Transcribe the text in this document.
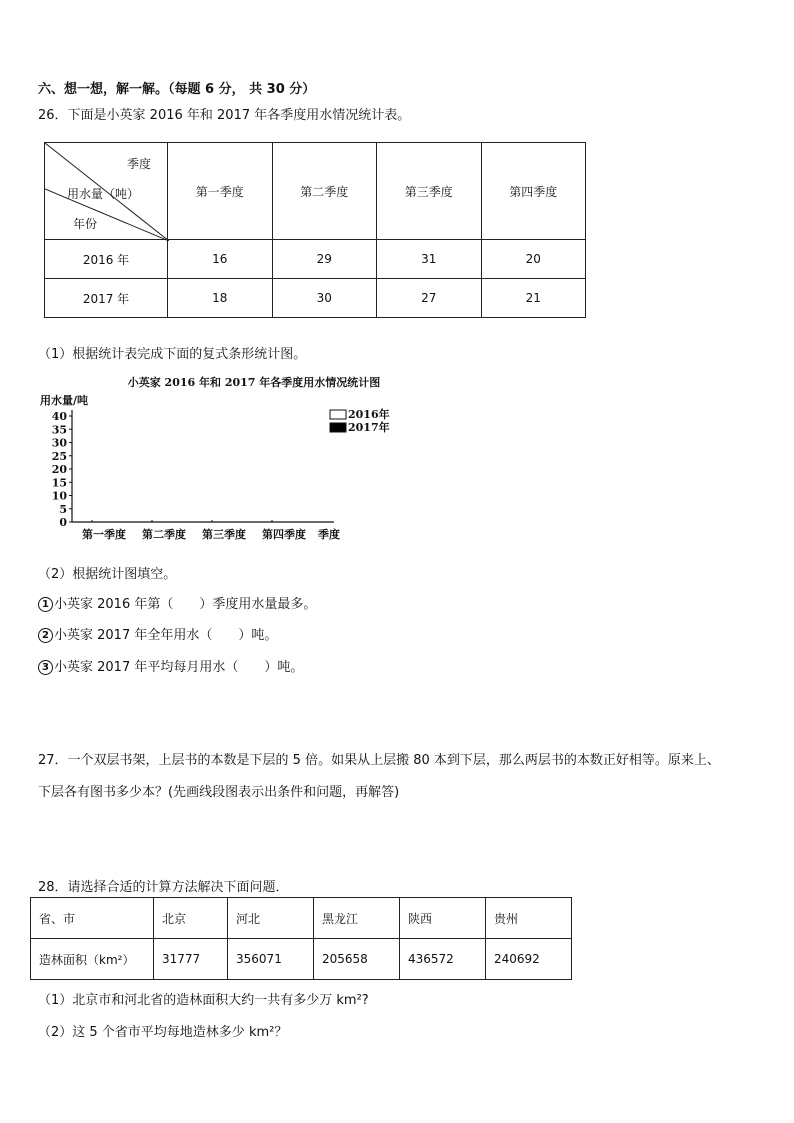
六、想一想，解一解。（每题 6 分， 共 30 分）
26．下面是小英家 2016 年和 2017 年各季度用水情况统计表。
季度
用水量（吨）
年份	第一季度	第二季度	第三季度	第四季度
2016 年	16	29	31	20
2017 年	18	30	27	21
（1）根据统计表完成下面的复式条形统计图。
小英家 2016 年和 2017 年各季度用水情况统计图
用水量/吨
0
5
10
15
20
25
30
35
40
第一季度 第二季度 第三季度 第四季度 季度
2016年
2017年
（2）根据统计图填空。
1 小英家 2016 年第（　　）季度用水量最多。
2 小英家 2017 年全年用水（　　）吨。
3 小英家 2017 年平均每月用水（　　）吨。
27．一个双层书架，上层书的本数是下层的 5 倍。如果从上层搬 80 本到下层，那么两层书的本数正好相等。原来上、
下层各有图书多少本？(先画线段图表示出条件和问题，再解答)
28．请选择合适的计算方法解决下面问题．
省、市	北京	河北	黑龙江	陕西	贵州
造林面积（km²）	31777	356071	205658	436572	240692
（1）北京市和河北省的造林面积大约一共有多少万 km²?
（2）这 5 个省市平均每地造林多少 km²？
